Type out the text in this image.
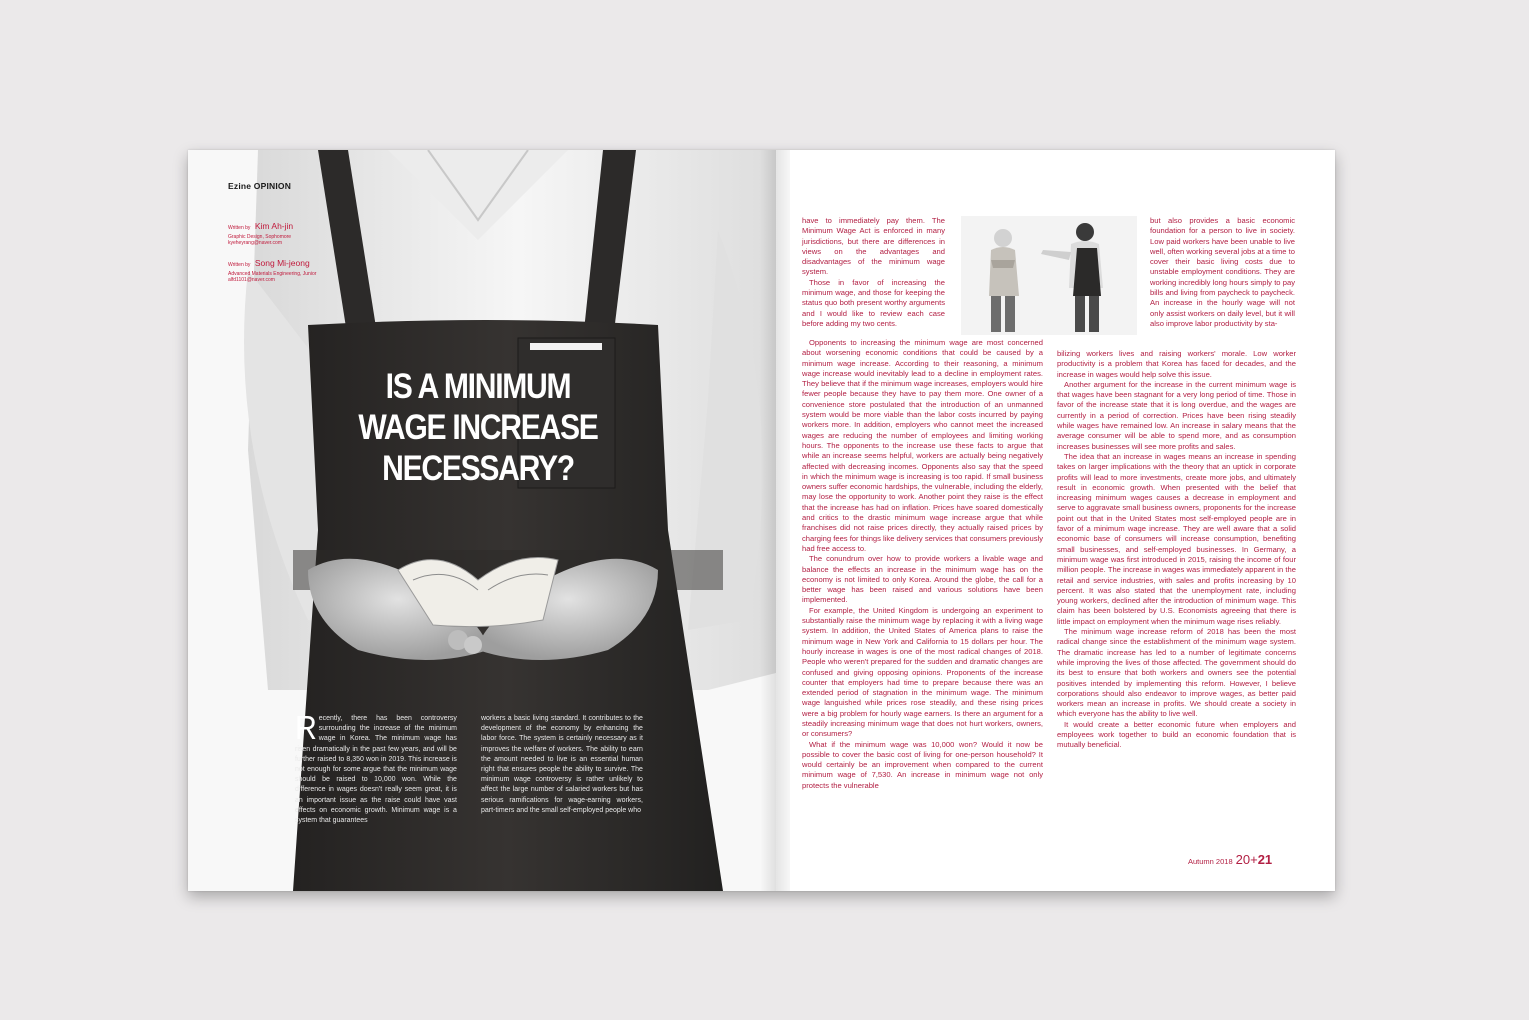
Ezine OPINION
Written by Kim Ah-jin
Graphic Design, Sophomore
kyeheyrang@naver.com
Written by Song Mi-jeong
Advanced Materials Engineering, Junior
alfd1101@naver.com
IS A MINIMUM
WAGE INCREASE
NECESSARY?
Recently, there has been controversy surrounding the increase of the minimum wage in Korea. The minimum wage has risen dramatically in the past few years, and will be further raised to 8,350 won in 2019. This increase is not enough for some argue that the minimum wage should be raised to 10,000 won. While the difference in wages doesn't really seem great, it is an important issue as the raise could have vast effects on economic growth. Minimum wage is a system that guarantees
workers a basic living standard. It contributes to the development of the economy by enhancing the labor force. The system is certainly necessary as it improves the welfare of workers. The ability to earn the amount needed to live is an essential human right that ensures people the ability to survive. The minimum wage controversy is rather unlikely to affect the large number of salaried workers but has serious ramifications for wage-earning workers, part-timers and the small self-employed people who

have to immediately pay them. The Minimum Wage Act is enforced in many jurisdictions, but there are differences in views on the advantages and disadvantages of the minimum wage system.

Those in favor of increasing the minimum wage, and those for keeping the status quo both present worthy arguments and I would like to review each case before adding my two cents.

Opponents to increasing the minimum wage are most concerned about worsening economic conditions that could be caused by a minimum wage increase. According to their reasoning, a minimum wage increase would inevitably lead to a decline in employment rates. They believe that if the minimum wage increases, employers would hire fewer people because they have to pay them more. One owner of a convenience store postulated that the introduction of an unmanned system would be more viable than the labor costs incurred by paying workers more. In addition, employers who cannot meet the increased wages are reducing the number of employees and limiting working hours. The opponents to the increase use these facts to argue that while an increase seems helpful, workers are actually being negatively affected with decreasing incomes. Opponents also say that the speed in which the minimum wage is increasing is too rapid. If small business owners suffer economic hardships, the vulnerable, including the elderly, may lose the opportunity to work. Another point they raise is the effect that the increase has had on inflation. Prices have soared domestically and critics to the drastic minimum wage increase argue that while franchises did not raise prices directly, they actually raised prices by charging fees for things like delivery services that consumers previously had free access to.

The conundrum over how to provide workers a livable wage and balance the effects an increase in the minimum wage has on the economy is not limited to only Korea. Around the globe, the call for a better wage has been raised and various solutions have been implemented.

For example, the United Kingdom is undergoing an experiment to substantially raise the minimum wage by replacing it with a living wage system. In addition, the United States of America plans to raise the minimum wage in New York and California to 15 dollars per hour. The hourly increase in wages is one of the most radical changes of 2018. People who weren't prepared for the sudden and dramatic changes are confused and giving opposing opinions. Proponents of the increase counter that employers had time to prepare because there was an extended period of stagnation in the minimum wage. The minimum wage languished while prices rose steadily, and these rising prices were a big problem for hourly wage earners. Is there an argument for a steadily increasing minimum wage that does not hurt workers, owners, or consumers?

What if the minimum wage was 10,000 won? Would it now be possible to cover the basic cost of living for one-person household? It would certainly be an improvement when compared to the current minimum wage of 7,530. An increase in minimum wage not only protects the vulnerable

but also provides a basic economic foundation for a person to live in society. Low paid workers have been unable to live well, often working several jobs at a time to cover their basic living costs due to unstable employment conditions. They are working incredibly long hours simply to pay bills and living from paycheck to paycheck. An increase in the hourly wage will not only assist workers on daily level, but it will also improve labor productivity by sta-

bilizing workers lives and raising workers' morale. Low worker productivity is a problem that Korea has faced for decades, and the increase in wages would help solve this issue.

Another argument for the increase in the current minimum wage is that wages have been stagnant for a very long period of time. Those in favor of the increase state that it is long overdue, and the wages are currently in a period of correction. Prices have been rising steadily while wages have remained low. An increase in salary means that the average consumer will be able to spend more, and as consumption increases businesses will see more profits and sales.

The idea that an increase in wages means an increase in spending takes on larger implications with the theory that an uptick in corporate profits will lead to more investments, create more jobs, and ultimately result in economic growth. When presented with the belief that increasing minimum wages causes a decrease in employment and serve to aggravate small business owners, proponents for the increase point out that in the United States most self-employed people are in favor of a minimum wage increase. They are well aware that a solid economic base of consumers will increase consumption, benefiting small businesses, and self-employed businesses. In Germany, a minimum wage was first introduced in 2015, raising the income of four million people. The increase in wages was immediately apparent in the retail and service industries, with sales and profits increasing by 10 percent. It was also stated that the unemployment rate, including young workers, declined after the introduction of minimum wage. This claim has been bolstered by U.S. Economists agreeing that there is little impact on employment when the minimum wage rises reliably.

The minimum wage increase reform of 2018 has been the most radical change since the establishment of the minimum wage system. The dramatic increase has led to a number of legitimate concerns while improving the lives of those affected. The government should do its best to ensure that both workers and owners see the potential positives intended by implementing this reform. However, I believe corporations should also endeavor to improve wages, as better paid workers mean an increase in profits. We should create a society in which everyone has the ability to live well.

It would create a better economic future when employers and employees work together to build an economic foundation that is mutually beneficial.

Autumn 2018 20+21
